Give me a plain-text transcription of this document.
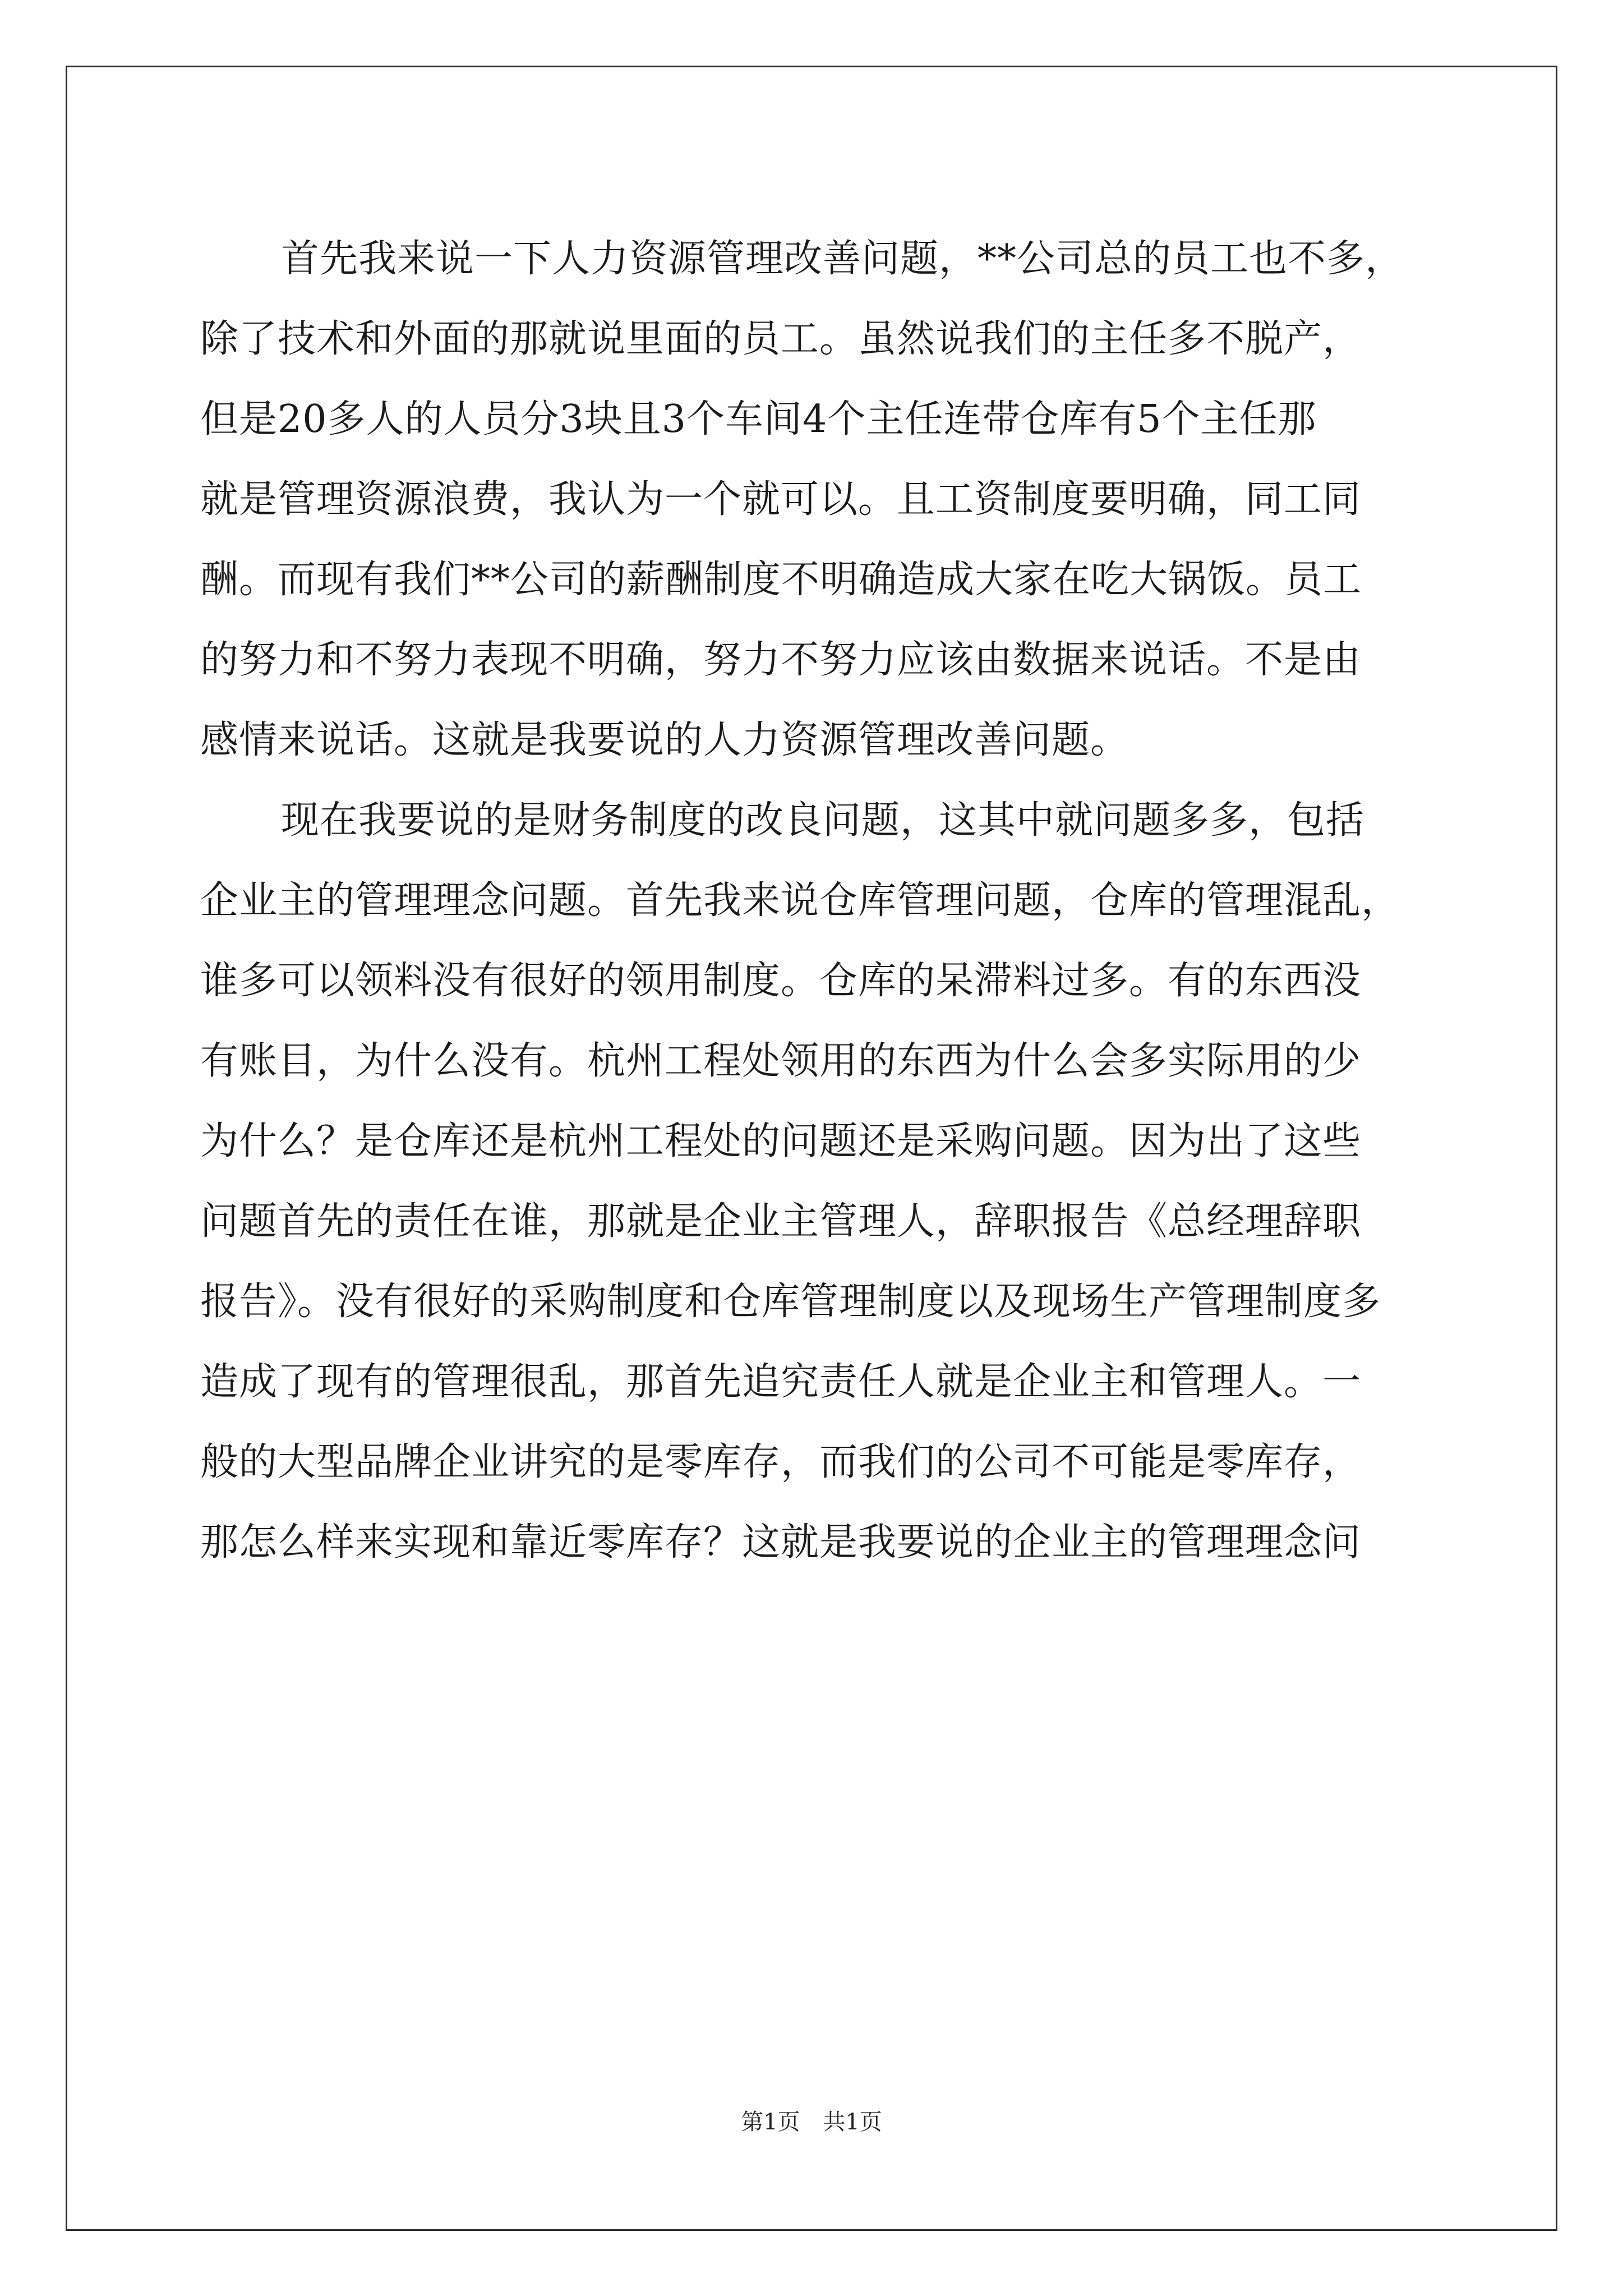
首先我来说一下人力资源管理改善问题，**公司总的员工也不多，
除了技术和外面的那就说里面的员工。虽然说我们的主任多不脱产，
但是20多人的人员分3块且3个车间4个主任连带仓库有5个主任那
就是管理资源浪费，我认为一个就可以。且工资制度要明确，同工同
酬。而现有我们**公司的薪酬制度不明确造成大家在吃大锅饭。员工
的努力和不努力表现不明确，努力不努力应该由数据来说话。不是由
感情来说话。这就是我要说的人力资源管理改善问题。
现在我要说的是财务制度的改良问题，这其中就问题多多，包括
企业主的管理理念问题。首先我来说仓库管理问题，仓库的管理混乱，
谁多可以领料没有很好的领用制度。仓库的呆滞料过多。有的东西没
有账目，为什么没有。杭州工程处领用的东西为什么会多实际用的少
为什么？是仓库还是杭州工程处的问题还是采购问题。因为出了这些
问题首先的责任在谁，那就是企业主管理人，辞职报告《总经理辞职
报告》。没有很好的采购制度和仓库管理制度以及现场生产管理制度多
造成了现有的管理很乱，那首先追究责任人就是企业主和管理人。一
般的大型品牌企业讲究的是零库存，而我们的公司不可能是零库存，
那怎么样来实现和靠近零库存？这就是我要说的企业主的管理理念问
第1页 共1页
